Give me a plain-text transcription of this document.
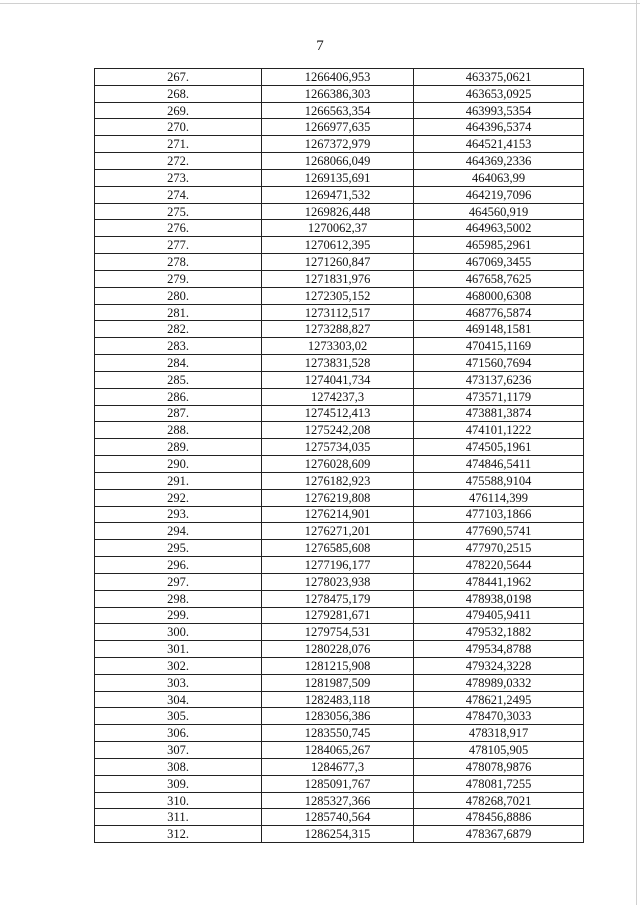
7
267.	1266406,953	463375,0621
268.	1266386,303	463653,0925
269.	1266563,354	463993,5354
270.	1266977,635	464396,5374
271.	1267372,979	464521,4153
272.	1268066,049	464369,2336
273.	1269135,691	464063,99
274.	1269471,532	464219,7096
275.	1269826,448	464560,919
276.	1270062,37	464963,5002
277.	1270612,395	465985,2961
278.	1271260,847	467069,3455
279.	1271831,976	467658,7625
280.	1272305,152	468000,6308
281.	1273112,517	468776,5874
282.	1273288,827	469148,1581
283.	1273303,02	470415,1169
284.	1273831,528	471560,7694
285.	1274041,734	473137,6236
286.	1274237,3	473571,1179
287.	1274512,413	473881,3874
288.	1275242,208	474101,1222
289.	1275734,035	474505,1961
290.	1276028,609	474846,5411
291.	1276182,923	475588,9104
292.	1276219,808	476114,399
293.	1276214,901	477103,1866
294.	1276271,201	477690,5741
295.	1276585,608	477970,2515
296.	1277196,177	478220,5644
297.	1278023,938	478441,1962
298.	1278475,179	478938,0198
299.	1279281,671	479405,9411
300.	1279754,531	479532,1882
301.	1280228,076	479534,8788
302.	1281215,908	479324,3228
303.	1281987,509	478989,0332
304.	1282483,118	478621,2495
305.	1283056,386	478470,3033
306.	1283550,745	478318,917
307.	1284065,267	478105,905
308.	1284677,3	478078,9876
309.	1285091,767	478081,7255
310.	1285327,366	478268,7021
311.	1285740,564	478456,8886
312.	1286254,315	478367,6879
